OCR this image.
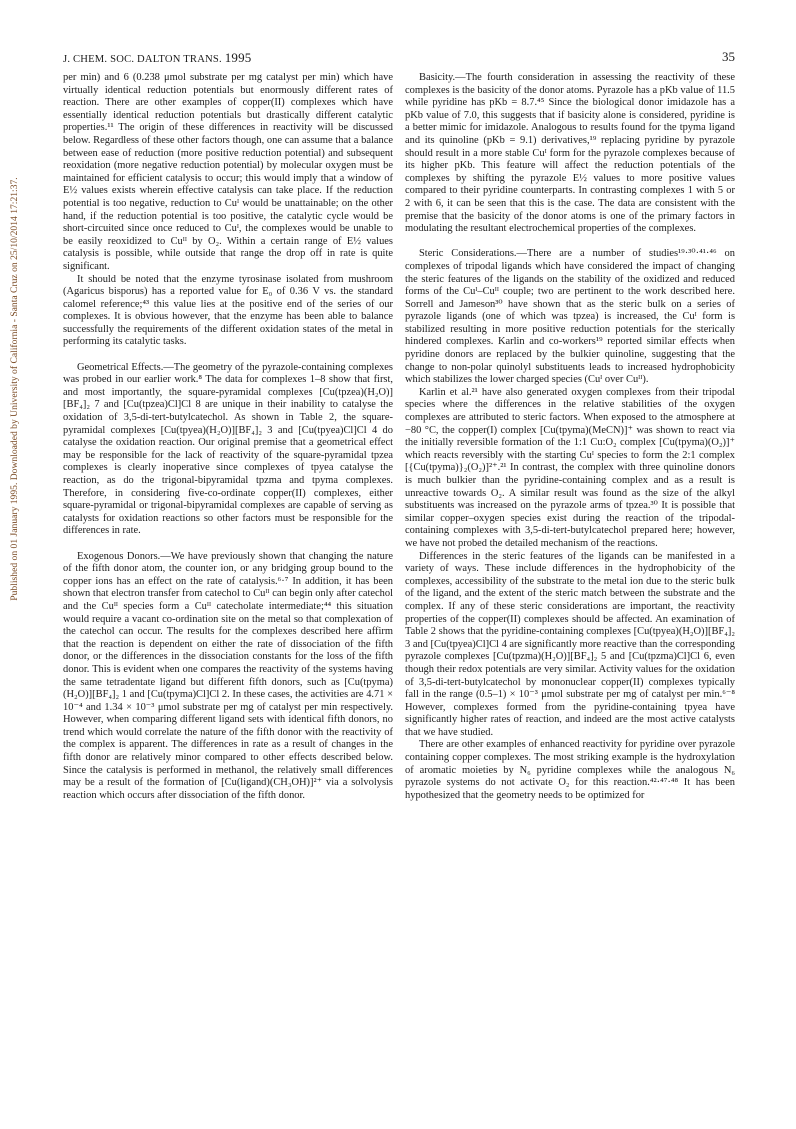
J. CHEM. SOC. DALTON TRANS. 1995	35
Published on 01 January 1995. Downloaded by University of California - Santa Cruz on 25/10/2014 17:21:37.

per min) and 6 (0.238 μmol substrate per mg catalyst per min) which have virtually identical reduction potentials but enormously different rates of reaction. There are other examples of copper(II) complexes which have essentially identical reduction potentials but drastically different catalytic properties.¹¹ The origin of these differences in reactivity will be discussed below. Regardless of these other factors though, one can assume that a balance between ease of reduction (more positive reduction potential) and subsequent reoxidation (more negative reduction potential) by molecular oxygen must be maintained for efficient catalysis to occur; this would imply that a window of E½ values exists wherein effective catalysis can take place. If the reduction potential is too negative, reduction to Cuᴵ would be unattainable; on the other hand, if the reduction potential is too positive, the catalytic cycle would be short-circuited since once reduced to Cuᴵ, the complexes would be unable to be easily reoxidized to Cuᴵᴵ by O₂. Within a certain range of E½ values catalysis is possible, while outside that range the drop off in rate is quite significant.

It should be noted that the enzyme tyrosinase isolated from mushroom (Agaricus bisporus) has a reported value for E₀ of 0.36 V vs. the standard calomel reference;⁴³ this value lies at the positive end of the series of our complexes. It is obvious however, that the enzyme has been able to balance successfully the requirements of the different oxidation states of the metal in performing its catalytic tasks.

Geometrical Effects.—The geometry of the pyrazole-containing complexes was probed in our earlier work.⁸ The data for complexes 1–8 show that first, and most importantly, the square-pyramidal complexes [Cu(tpzea)(H₂O)][BF₄]₂ 7 and [Cu(tpzea)Cl]Cl 8 are unique in their inability to catalyse the oxidation of 3,5-di-tert-butylcatechol. As shown in Table 2, the square-pyramidal complexes [Cu(tpyea)(H₂O)][BF₄]₂ 3 and [Cu(tpyea)Cl]Cl 4 do catalyse the oxidation reaction. Our original premise that a geometrical effect may be responsible for the lack of reactivity of the square-pyramidal tpzea complexes is clearly inoperative since complexes of tpyea catalyse the reaction, as do the trigonal-bipyramidal tpzma and tpyma complexes. Therefore, in considering five-co-ordinate copper(II) complexes, either square-pyramidal or trigonal-bipyramidal complexes are capable of serving as catalysts for oxidation reactions so other factors must be responsible for the differences in rate.

Exogenous Donors.—We have previously shown that changing the nature of the fifth donor atom, the counter ion, or any bridging group bound to the copper ions has an effect on the rate of catalysis.⁶·⁷ In addition, it has been shown that electron transfer from catechol to Cuᴵᴵ can begin only after catechol and the Cuᴵᴵ species form a Cuᴵᴵ catecholate intermediate;⁴⁴ this situation would require a vacant co-ordination site on the metal so that complexation of the catechol can occur. The results for the complexes described here affirm that the reaction is dependent on either the rate of dissociation of the fifth donor, or the differences in the dissociation constants for the loss of the fifth donor. This is evident when one compares the reactivity of the systems having the same tetradentate ligand but different fifth donors, such as [Cu(tpyma)(H₂O)][BF₄]₂ 1 and [Cu(tpyma)Cl]Cl 2. In these cases, the activities are 4.71 × 10⁻⁴ and 1.34 × 10⁻³ μmol substrate per mg of catalyst per min respectively. However, when comparing different ligand sets with identical fifth donors, no trend which would correlate the nature of the fifth donor with the reactivity of the complex is apparent. The differences in rate as a result of changes in the fifth donor are relatively minor compared to other effects described below. Since the catalysis is performed in methanol, the relatively small differences may be a result of the formation of [Cu(ligand)(CH₃OH)]²⁺ via a solvolysis reaction which occurs after dissociation of the fifth donor.

Basicity.—The fourth consideration in assessing the reactivity of these complexes is the basicity of the donor atoms. Pyrazole has a pKb value of 11.5 while pyridine has pKb = 8.7.⁴⁵ Since the biological donor imidazole has a pKb value of 7.0, this suggests that if basicity alone is considered, pyridine is a better mimic for imidazole. Analogous to results found for the tpyma ligand and its quinoline (pKb = 9.1) derivatives,¹⁹ replacing pyridine by pyrazole should result in a more stable Cuᴵ form for the pyrazole complexes because of its higher pKb. This feature will affect the reduction potentials of the complexes by shifting the pyrazole E½ values to more positive values compared to their pyridine counterparts. In contrasting complexes 1 with 5 or 2 with 6, it can be seen that this is the case. The data are consistent with the premise that the basicity of the donor atoms is one of the primary factors in modulating the resultant electrochemical properties of the complexes.

Steric Considerations.—There are a number of studies¹⁹·³⁰·⁴¹·⁴⁶ on complexes of tripodal ligands which have considered the impact of changing the steric features of the ligands on the stability of the oxidized and reduced forms of the Cuᴵ–Cuᴵᴵ couple; two are pertinent to the work described here. Sorrell and Jameson³⁰ have shown that as the steric bulk on a series of pyrazole ligands (one of which was tpzea) is increased, the Cuᴵ form is stabilized resulting in more positive reduction potentials for the sterically hindered complexes. Karlin and co-workers¹⁹ reported similar effects when pyridine donors are replaced by the bulkier quinoline, suggesting that the change to non-polar quinolyl substituents leads to increased hydrophobicity which stabilizes the lower charged species (Cuᴵ over Cuᴵᴵ).

Karlin et al.²¹ have also generated oxygen complexes from their tripodal species where the differences in the relative stabilities of the oxygen complexes are attributed to steric factors. When exposed to the atmosphere at −80 °C, the copper(I) complex [Cu(tpyma)(MeCN)]⁺ was shown to react via the initially reversible formation of the 1:1 Cu:O₂ complex [Cu(tpyma)(O₂)]⁺ which reacts reversibly with the starting Cuᴵ species to form the 2:1 complex [{Cu(tpyma)}₂(O₂)]²⁺.²¹ In contrast, the complex with three quinoline donors is much bulkier than the pyridine-containing complex and as a result is unreactive towards O₂. A similar result was found as the size of the alkyl substituents was increased on the pyrazole arms of tpzea.³⁰ It is possible that similar copper–oxygen species exist during the reaction of the tripodal-containing complexes with 3,5-di-tert-butylcatechol prepared here; however, we have not probed the detailed mechanism of the reactions.

Differences in the steric features of the ligands can be manifested in a variety of ways. These include differences in the hydrophobicity of the complexes, accessibility of the substrate to the metal ion due to the steric bulk of the ligand, and the extent of the steric match between the substrate and the complex. If any of these steric considerations are important, the reactivity properties of the copper(II) complexes should be affected. An examination of Table 2 shows that the pyridine-containing complexes [Cu(tpyea)(H₂O)][BF₄]₂ 3 and [Cu(tpyea)Cl]Cl 4 are significantly more reactive than the corresponding pyrazole complexes [Cu(tpzma)(H₂O)][BF₄]₂ 5 and [Cu(tpzma)Cl]Cl 6, even though their redox potentials are very similar. Activity values for the oxidation of 3,5-di-tert-butylcatechol by mononuclear copper(II) complexes typically fall in the range (0.5–1) × 10⁻³ μmol substrate per mg of catalyst per min.⁶⁻⁸ However, complexes formed from the pyridine-containing tpyea have significantly higher rates of reaction, and indeed are the most active catalysts that we have studied.

There are other examples of enhanced reactivity for pyridine over pyrazole containing copper complexes. The most striking example is the hydroxylation of aromatic moieties by N₆ pyridine complexes while the analogous N₆ pyrazole systems do not activate O₂ for this reaction.⁴²·⁴⁷·⁴⁸ It has been hypothesized that the geometry needs to be optimized for
